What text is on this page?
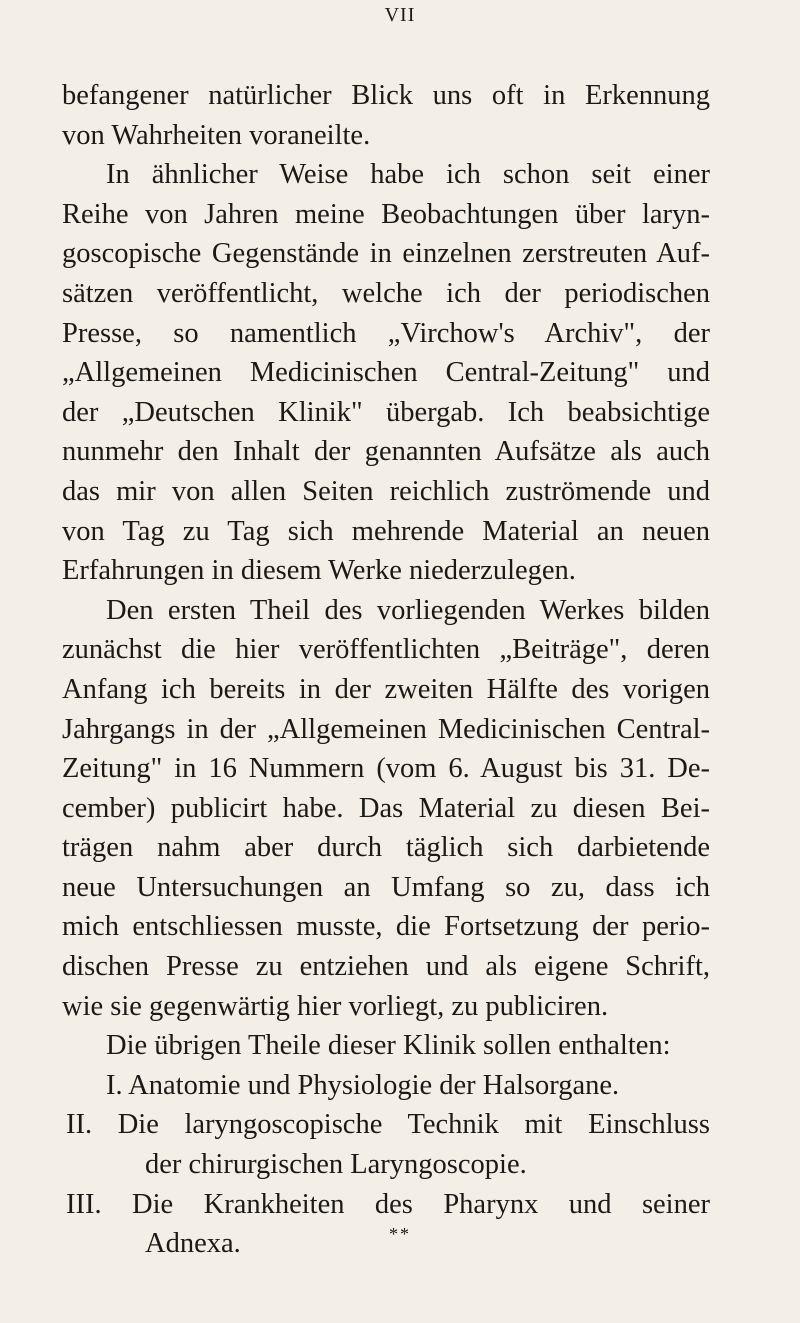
VII
befangener natürlicher Blick uns oft in Erkennung
von Wahrheiten voraneilte.
In ähnlicher Weise habe ich schon seit einer
Reihe von Jahren meine Beobachtungen über laryn-
goscopische Gegenstände in einzelnen zerstreuten Auf-
sätzen veröffentlicht, welche ich der periodischen
Presse, so namentlich „Virchow's Archiv", der
„Allgemeinen Medicinischen Central-Zeitung" und
der „Deutschen Klinik" übergab. Ich beabsichtige
nunmehr den Inhalt der genannten Aufsätze als auch
das mir von allen Seiten reichlich zuströmende und
von Tag zu Tag sich mehrende Material an neuen
Erfahrungen in diesem Werke niederzulegen.
Den ersten Theil des vorliegenden Werkes bilden
zunächst die hier veröffentlichten „Beiträge", deren
Anfang ich bereits in der zweiten Hälfte des vorigen
Jahrgangs in der „Allgemeinen Medicinischen Central-
Zeitung" in 16 Nummern (vom 6. August bis 31. De-
cember) publicirt habe. Das Material zu diesen Bei-
trägen nahm aber durch täglich sich darbietende
neue Untersuchungen an Umfang so zu, dass ich
mich entschliessen musste, die Fortsetzung der perio-
dischen Presse zu entziehen und als eigene Schrift,
wie sie gegenwärtig hier vorliegt, zu publiciren.
Die übrigen Theile dieser Klinik sollen enthalten:
I. Anatomie und Physiologie der Halsorgane.
II. Die laryngoscopische Technik mit Einschluss
der chirurgischen Laryngoscopie.
III. Die Krankheiten des Pharynx und seiner
Adnexa.	**
